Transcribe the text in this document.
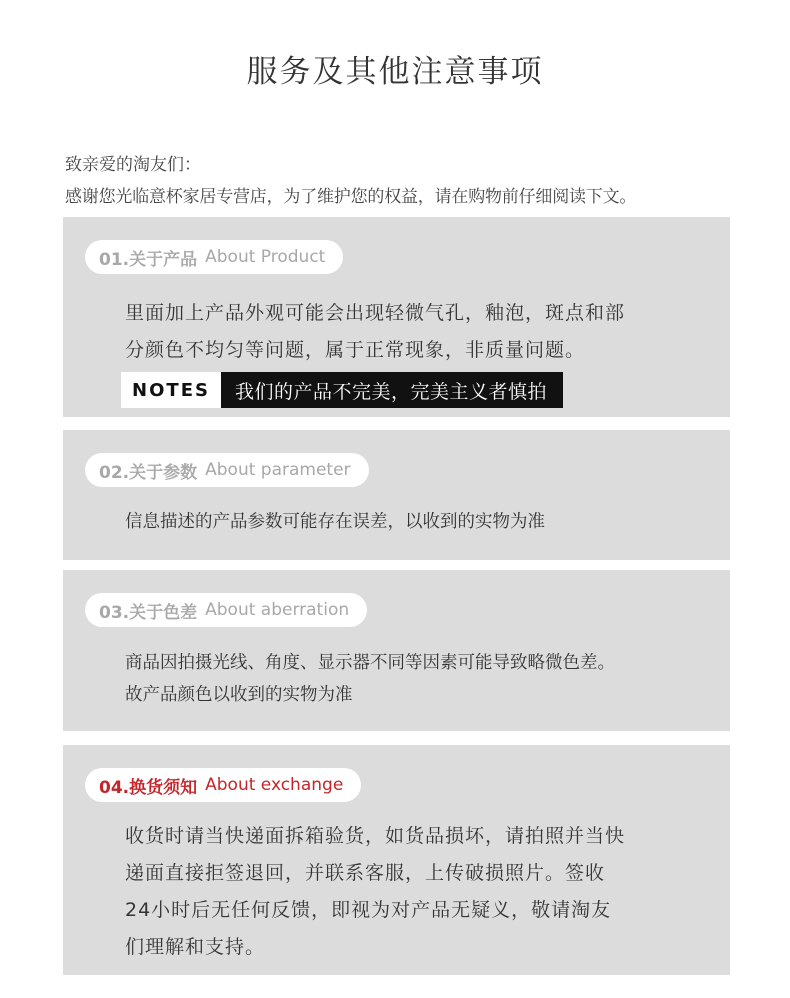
服务及其他注意事项
致亲爱的淘友们：
感谢您光临意杯家居专营店，为了维护您的权益，请在购物前仔细阅读下文。
01.关于产品 About Product
里面加上产品外观可能会出现轻微气孔，釉泡，斑点和部
分颜色不均匀等问题，属于正常现象，非质量问题。
NOTES	我们的产品不完美，完美主义者慎拍
02.关于参数 About parameter
信息描述的产品参数可能存在误差，以收到的实物为准
03.关于色差 About aberration
商品因拍摄光线、角度、显示器不同等因素可能导致略微色差。
故产品颜色以收到的实物为准
04.换货须知 About exchange
收货时请当快递面拆箱验货，如货品损坏，请拍照并当快
递面直接拒签退回，并联系客服，上传破损照片。签收
24小时后无任何反馈，即视为对产品无疑义，敬请淘友
们理解和支持。
